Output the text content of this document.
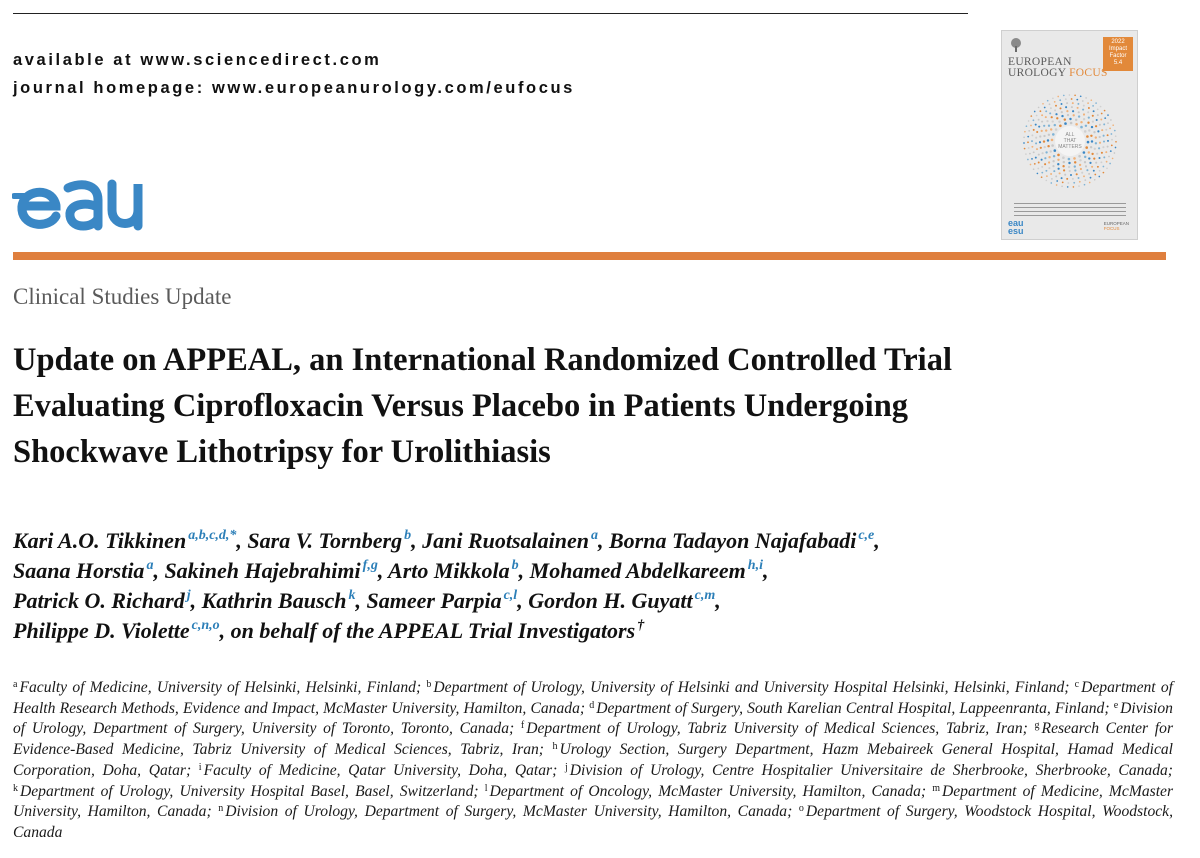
available at www.sciencedirect.com
journal homepage: www.europeanurology.com/eufocus
2022
Impact
Factor
5.4
EUROPEAN
UROLOGY FOCUS
ALL
THAT
MATTERS
eau
esu
EUROPEAN
FOCUS
Clinical Studies Update
Update on APPEAL, an International Randomized Controlled Trial
Evaluating Ciprofloxacin Versus Placebo in Patients Undergoing
Shockwave Lithotripsy for Urolithiasis
Kari A.O. Tikkinen $^{a,b,c,d,*}$, Sara V. Tornberg $^b$, Jani Ruotsalainen $^a$, Borna Tadayon Najafabadi $^{c,e}$,
Saana Horstia $^a$, Sakineh Hajebrahimi $^{f,g}$, Arto Mikkola $^b$, Mohamed Abdelkareem $^{h,i}$,
Patrick O. Richard $^j$, Kathrin Bausch $^k$, Sameer Parpia $^{c,l}$, Gordon H. Guyatt $^{c,m}$,
Philippe D. Violette $^{c,n,o}$, on behalf of the APPEAL Trial Investigators †
$^a$ Faculty of Medicine, University of Helsinki, Helsinki, Finland; $^b$ Department of Urology, University of Helsinki and University Hospital Helsinki, Helsinki, Finland; $^c$ Department of Health Research Methods, Evidence and Impact, McMaster University, Hamilton, Canada; $^d$ Department of Surgery, South Karelian Central Hospital, Lappeenranta, Finland; $^e$ Division of Urology, Department of Surgery, University of Toronto, Toronto, Canada; $^f$ Department of Urology, Tabriz University of Medical Sciences, Tabriz, Iran; $^g$ Research Center for Evidence-Based Medicine, Tabriz University of Medical Sciences, Tabriz, Iran; $^h$ Urology Section, Surgery Department, Hazm Mebaireek General Hospital, Hamad Medical Corporation, Doha, Qatar; $^i$ Faculty of Medicine, Qatar University, Doha, Qatar; $^j$ Division of Urology, Centre Hospitalier Universitaire de Sherbrooke, Sherbrooke, Canada; $^k$ Department of Urology, University Hospital Basel, Basel, Switzerland; $^l$ Department of Oncology, McMaster University, Hamilton, Canada; $^m$ Department of Medicine, McMaster University, Hamilton, Canada; $^n$ Division of Urology, Department of Surgery, McMaster University, Hamilton, Canada; $^o$ Department of Surgery, Woodstock Hospital, Woodstock, Canada
